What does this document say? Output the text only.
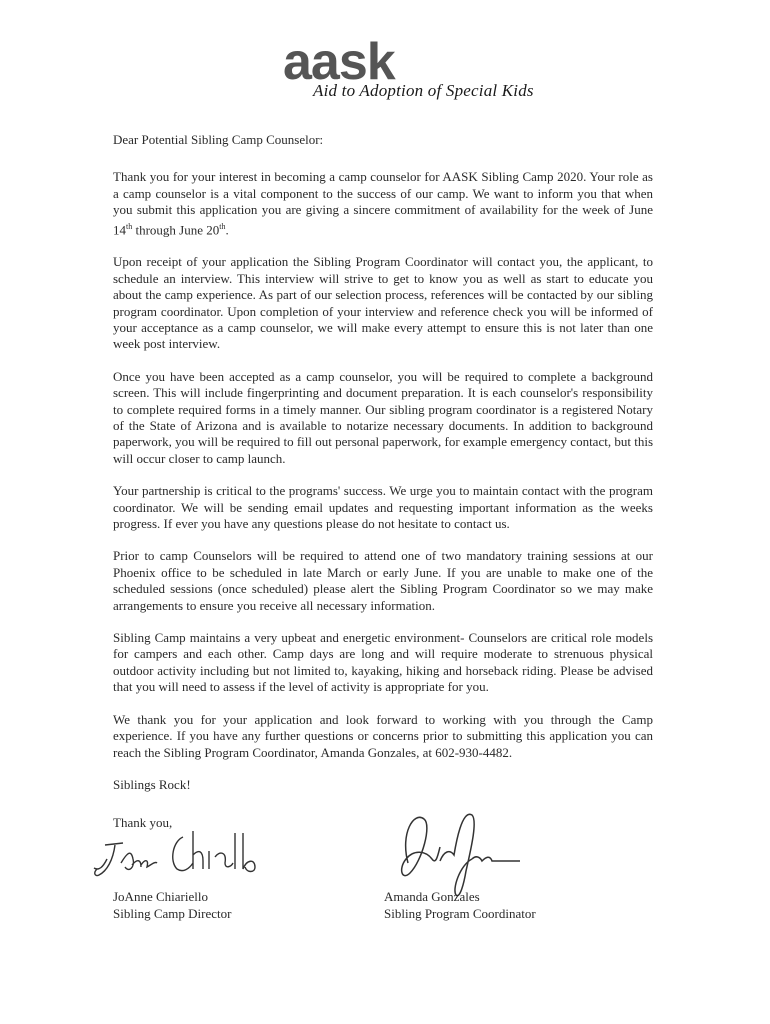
aask
Aid to Adoption of Special Kids

Dear Potential Sibling Camp Counselor:

Thank you for your interest in becoming a camp counselor for AASK Sibling Camp 2020. Your role as a camp counselor is a vital component to the success of our camp. We want to inform you that when you submit this application you are giving a sincere commitment of availability for the week of June 14th through June 20th.

Upon receipt of your application the Sibling Program Coordinator will contact you, the applicant, to schedule an interview. This interview will strive to get to know you as well as start to educate you about the camp experience. As part of our selection process, references will be contacted by our sibling program coordinator. Upon completion of your interview and reference check you will be informed of your acceptance as a camp counselor, we will make every attempt to ensure this is not later than one week post interview.

Once you have been accepted as a camp counselor, you will be required to complete a background screen. This will include fingerprinting and document preparation. It is each counselor's responsibility to complete required forms in a timely manner. Our sibling program coordinator is a registered Notary of the State of Arizona and is available to notarize necessary documents. In addition to background paperwork, you will be required to fill out personal paperwork, for example emergency contact, but this will occur closer to camp launch.

Your partnership is critical to the programs' success. We urge you to maintain contact with the program coordinator. We will be sending email updates and requesting important information as the weeks progress. If ever you have any questions please do not hesitate to contact us.

Prior to camp Counselors will be required to attend one of two mandatory training sessions at our Phoenix office to be scheduled in late March or early June. If you are unable to make one of the scheduled sessions (once scheduled) please alert the Sibling Program Coordinator so we may make arrangements to ensure you receive all necessary information.

Sibling Camp maintains a very upbeat and energetic environment- Counselors are critical role models for campers and each other. Camp days are long and will require moderate to strenuous physical outdoor activity including but not limited to, kayaking, hiking and horseback riding. Please be advised that you will need to assess if the level of activity is appropriate for you.

We thank you for your application and look forward to working with you through the Camp experience. If you have any further questions or concerns prior to submitting this application you can reach the Sibling Program Coordinator, Amanda Gonzales, at 602-930-4482.

Siblings Rock!

Thank you,

JoAnne Chiariello
Sibling Camp Director
Amanda Gonzales
Sibling Program Coordinator
